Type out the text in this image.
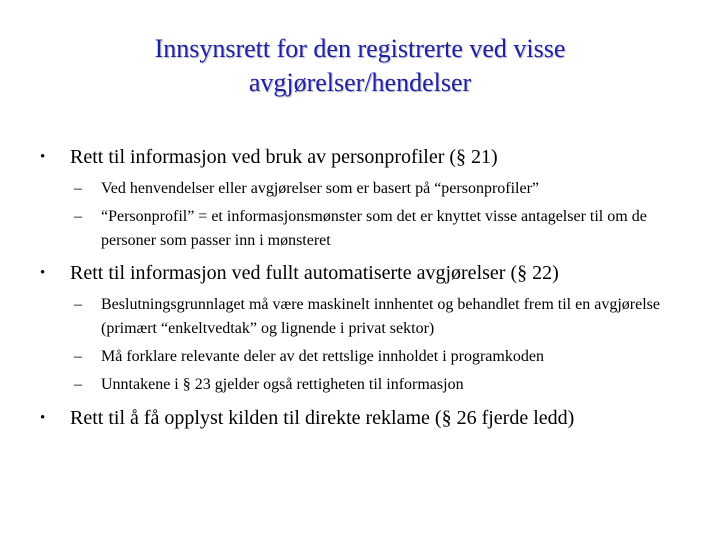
Innsynsrett for den registrerte ved visse
avgjørelser/hendelser
• Rett til informasjon ved bruk av personprofiler (§ 21)
– Ved henvendelser eller avgjørelser som er basert på “personprofiler”
– “Personprofil” = et informasjonsmønster som det er knyttet visse antagelser til om de personer som passer inn i mønsteret
• Rett til informasjon ved fullt automatiserte avgjørelser (§ 22)
– Beslutningsgrunnlaget må være maskinelt innhentet og behandlet frem til en avgjørelse (primært “enkeltvedtak” og lignende i privat sektor)
– Må forklare relevante deler av det rettslige innholdet i programkoden
– Unntakene i § 23 gjelder også rettigheten til informasjon
• Rett til å få opplyst kilden til direkte reklame (§ 26 fjerde ledd)
